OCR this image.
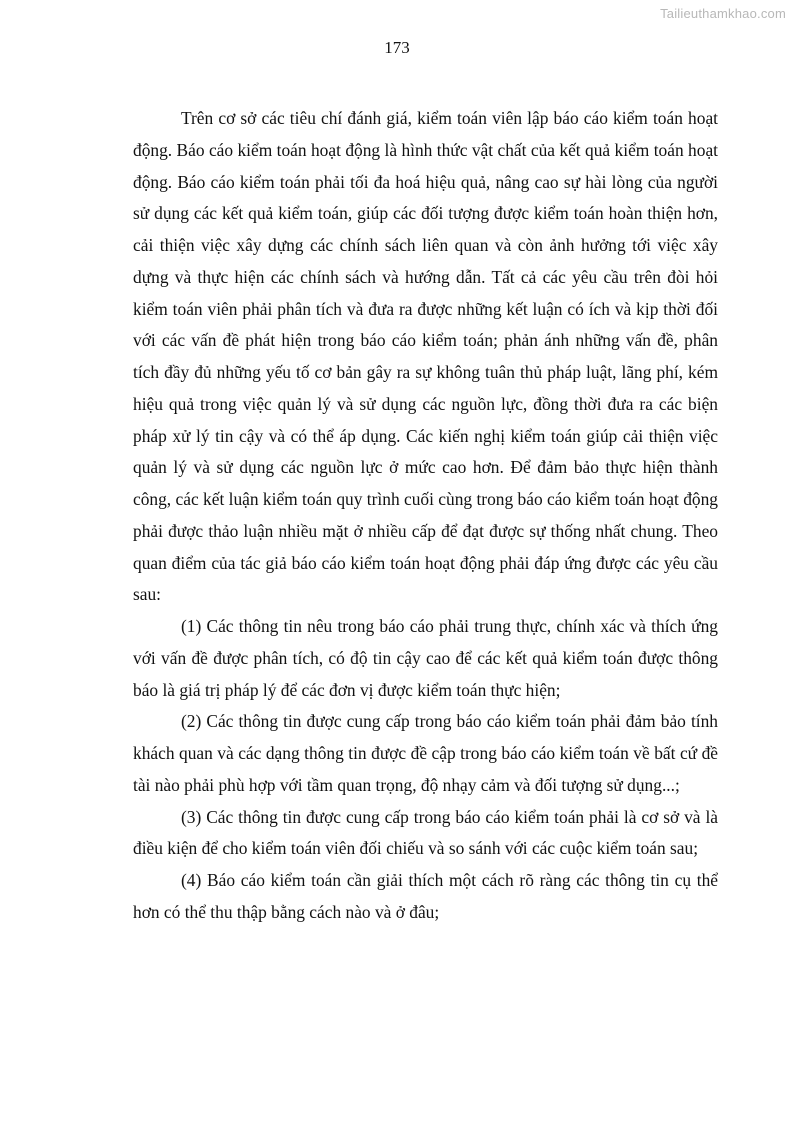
Tailieuthamkhao.com
173

Trên cơ sở các tiêu chí đánh giá, kiểm toán viên lập báo cáo kiểm toán hoạt động. Báo cáo kiểm toán hoạt động là hình thức vật chất của kết quả kiểm toán hoạt động. Báo cáo kiểm toán phải tối đa hoá hiệu quả, nâng cao sự hài lòng của người sử dụng các kết quả kiểm toán, giúp các đối tượng được kiểm toán hoàn thiện hơn, cải thiện việc xây dựng các chính sách liên quan và còn ảnh hưởng tới việc xây dựng và thực hiện các chính sách và hướng dẫn. Tất cả các yêu cầu trên đòi hỏi kiểm toán viên phải phân tích và đưa ra được những kết luận có ích và kịp thời đối với các vấn đề phát hiện trong báo cáo kiểm toán; phản ánh những vấn đề, phân tích đầy đủ những yếu tố cơ bản gây ra sự không tuân thủ pháp luật, lãng phí, kém hiệu quả trong việc quản lý và sử dụng các nguồn lực, đồng thời đưa ra các biện pháp xử lý tin cậy và có thể áp dụng. Các kiến nghị kiểm toán giúp cải thiện việc quản lý và sử dụng các nguồn lực ở mức cao hơn. Để đảm bảo thực hiện thành công, các kết luận kiểm toán quy trình cuối cùng trong báo cáo kiểm toán hoạt động phải được thảo luận nhiều mặt ở nhiều cấp để đạt được sự thống nhất chung. Theo quan điểm của tác giả báo cáo kiểm toán hoạt động phải đáp ứng được các yêu cầu sau:

(1) Các thông tin nêu trong báo cáo phải trung thực, chính xác và thích ứng với vấn đề được phân tích, có độ tin cậy cao để các kết quả kiểm toán được thông báo là giá trị pháp lý để các đơn vị được kiểm toán thực hiện;

(2) Các thông tin được cung cấp trong báo cáo kiểm toán phải đảm bảo tính khách quan và các dạng thông tin được đề cập trong báo cáo kiểm toán về bất cứ đề tài nào phải phù hợp với tầm quan trọng, độ nhạy cảm và đối tượng sử dụng...;

(3) Các thông tin được cung cấp trong báo cáo kiểm toán phải là cơ sở và là điều kiện để cho kiểm toán viên đối chiếu và so sánh với các cuộc kiểm toán sau;

(4) Báo cáo kiểm toán cần giải thích một cách rõ ràng các thông tin cụ thể hơn có thể thu thập bằng cách nào và ở đâu;
